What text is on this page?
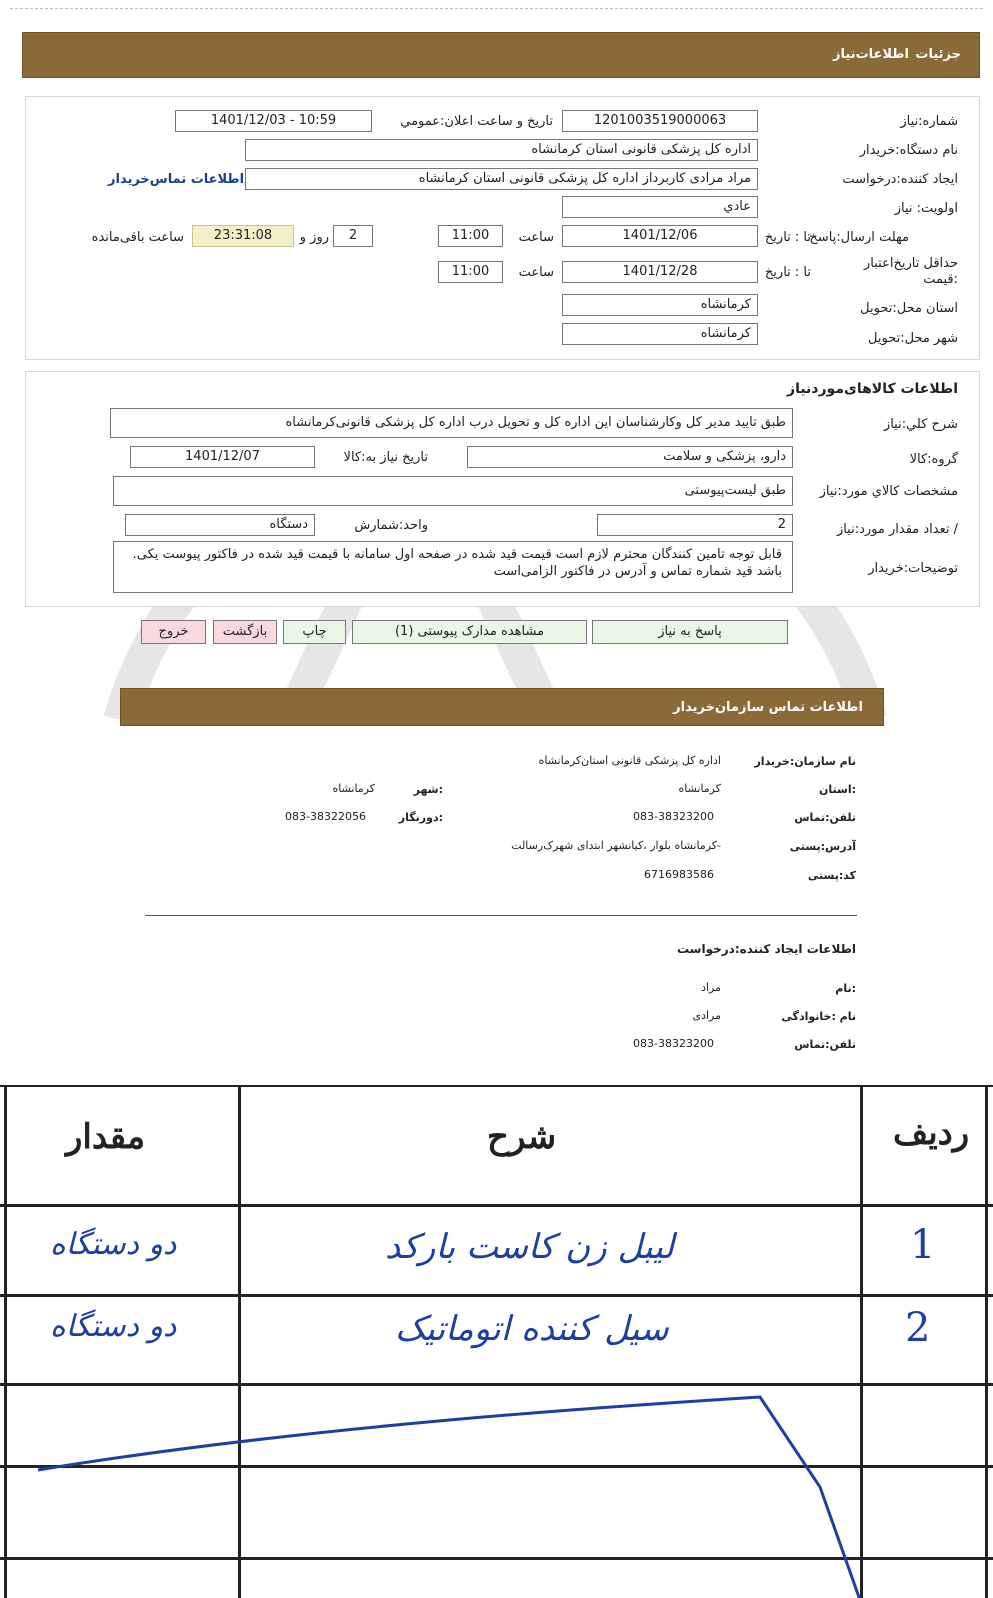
جزئیات
اطلاعات‌نیاز
شماره:نیاز
1201003519000063
تاریخ و ساعت اعلان:عمومي
1401/12/03 - 10:59
نام دستگاه:خریدار
اداره کل پزشکی قانونی استان کرمانشاه
ایجاد کننده:درخواست
مراد مرادی کاربرداز اداره کل پزشکی قانونی استان کرمانشاه
اطلاعات تماس‌خریدار
اولویت: نیاز
عادي
مهلت ارسال:پاسخ
تا : تاریخ
1401/12/06
ساعت
11:00
2
روز و
23:31:08
ساعت باقی‌مانده
حداقل تاریخ‌اعتبار :قیمت
تا : تاریخ
1401/12/28
ساعت
11:00
استان محل:تحویل
کرمانشاه
شهر محل:تحویل
کرمانشاه
اطلاعات کالاهای‌موردنیاز
شرح کلي:نیاز
طبق تایید مدیر کل وکارشناسان این اداره کل و تحویل درب اداره کل پزشکی قانونی‌کرمانشاه
گروه:کالا
دارو، پزشکی و سلامت
تاریخ نیاز به:کالا
1401/12/07
مشخصات کالاي مورد:نیاز
طبق لیست‌پیوستی
/ تعداد مقدار مورد:نیاز
2
واحد:شمارش
دستگاه
توضیحات:خریدار
قابل توجه تامین کنندگان محترم لازم است قیمت قید شده در صفحه اول سامانه با قیمت قید شده در فاکتور پیوست یکی. باشد قید شماره تماس و آدرس در فاکتور الزامی‌است
پاسخ به نیاز
مشاهده مدارک پیوستی (1)
چاپ
بازگشت
خروج
اطلاعات تماس سازمان‌خریدار
نام سازمان:خریدار
اداره کل پزشکی قانونی استان‌کرمانشاه
:استان
کرمانشاه
:شهر
کرمانشاه
تلفن:تماس
083-38323200
:دورنگار
083-38322056
آدرس:پستی
-کرمانشاه بلوار ،کیانشهر ابتدای شهرک‌رسالت
کد:پستی
6716983586
اطلاعات ایجاد کننده:درخواست
:نام
مراد
نام :خانوادگی
مرادی
تلفن:تماس
083-38323200
ردیف
شرح
مقدار
1
لیبل زن کاست بارکد
دو دستگاه
2
سیل کننده اتوماتیک
دو دستگاه
